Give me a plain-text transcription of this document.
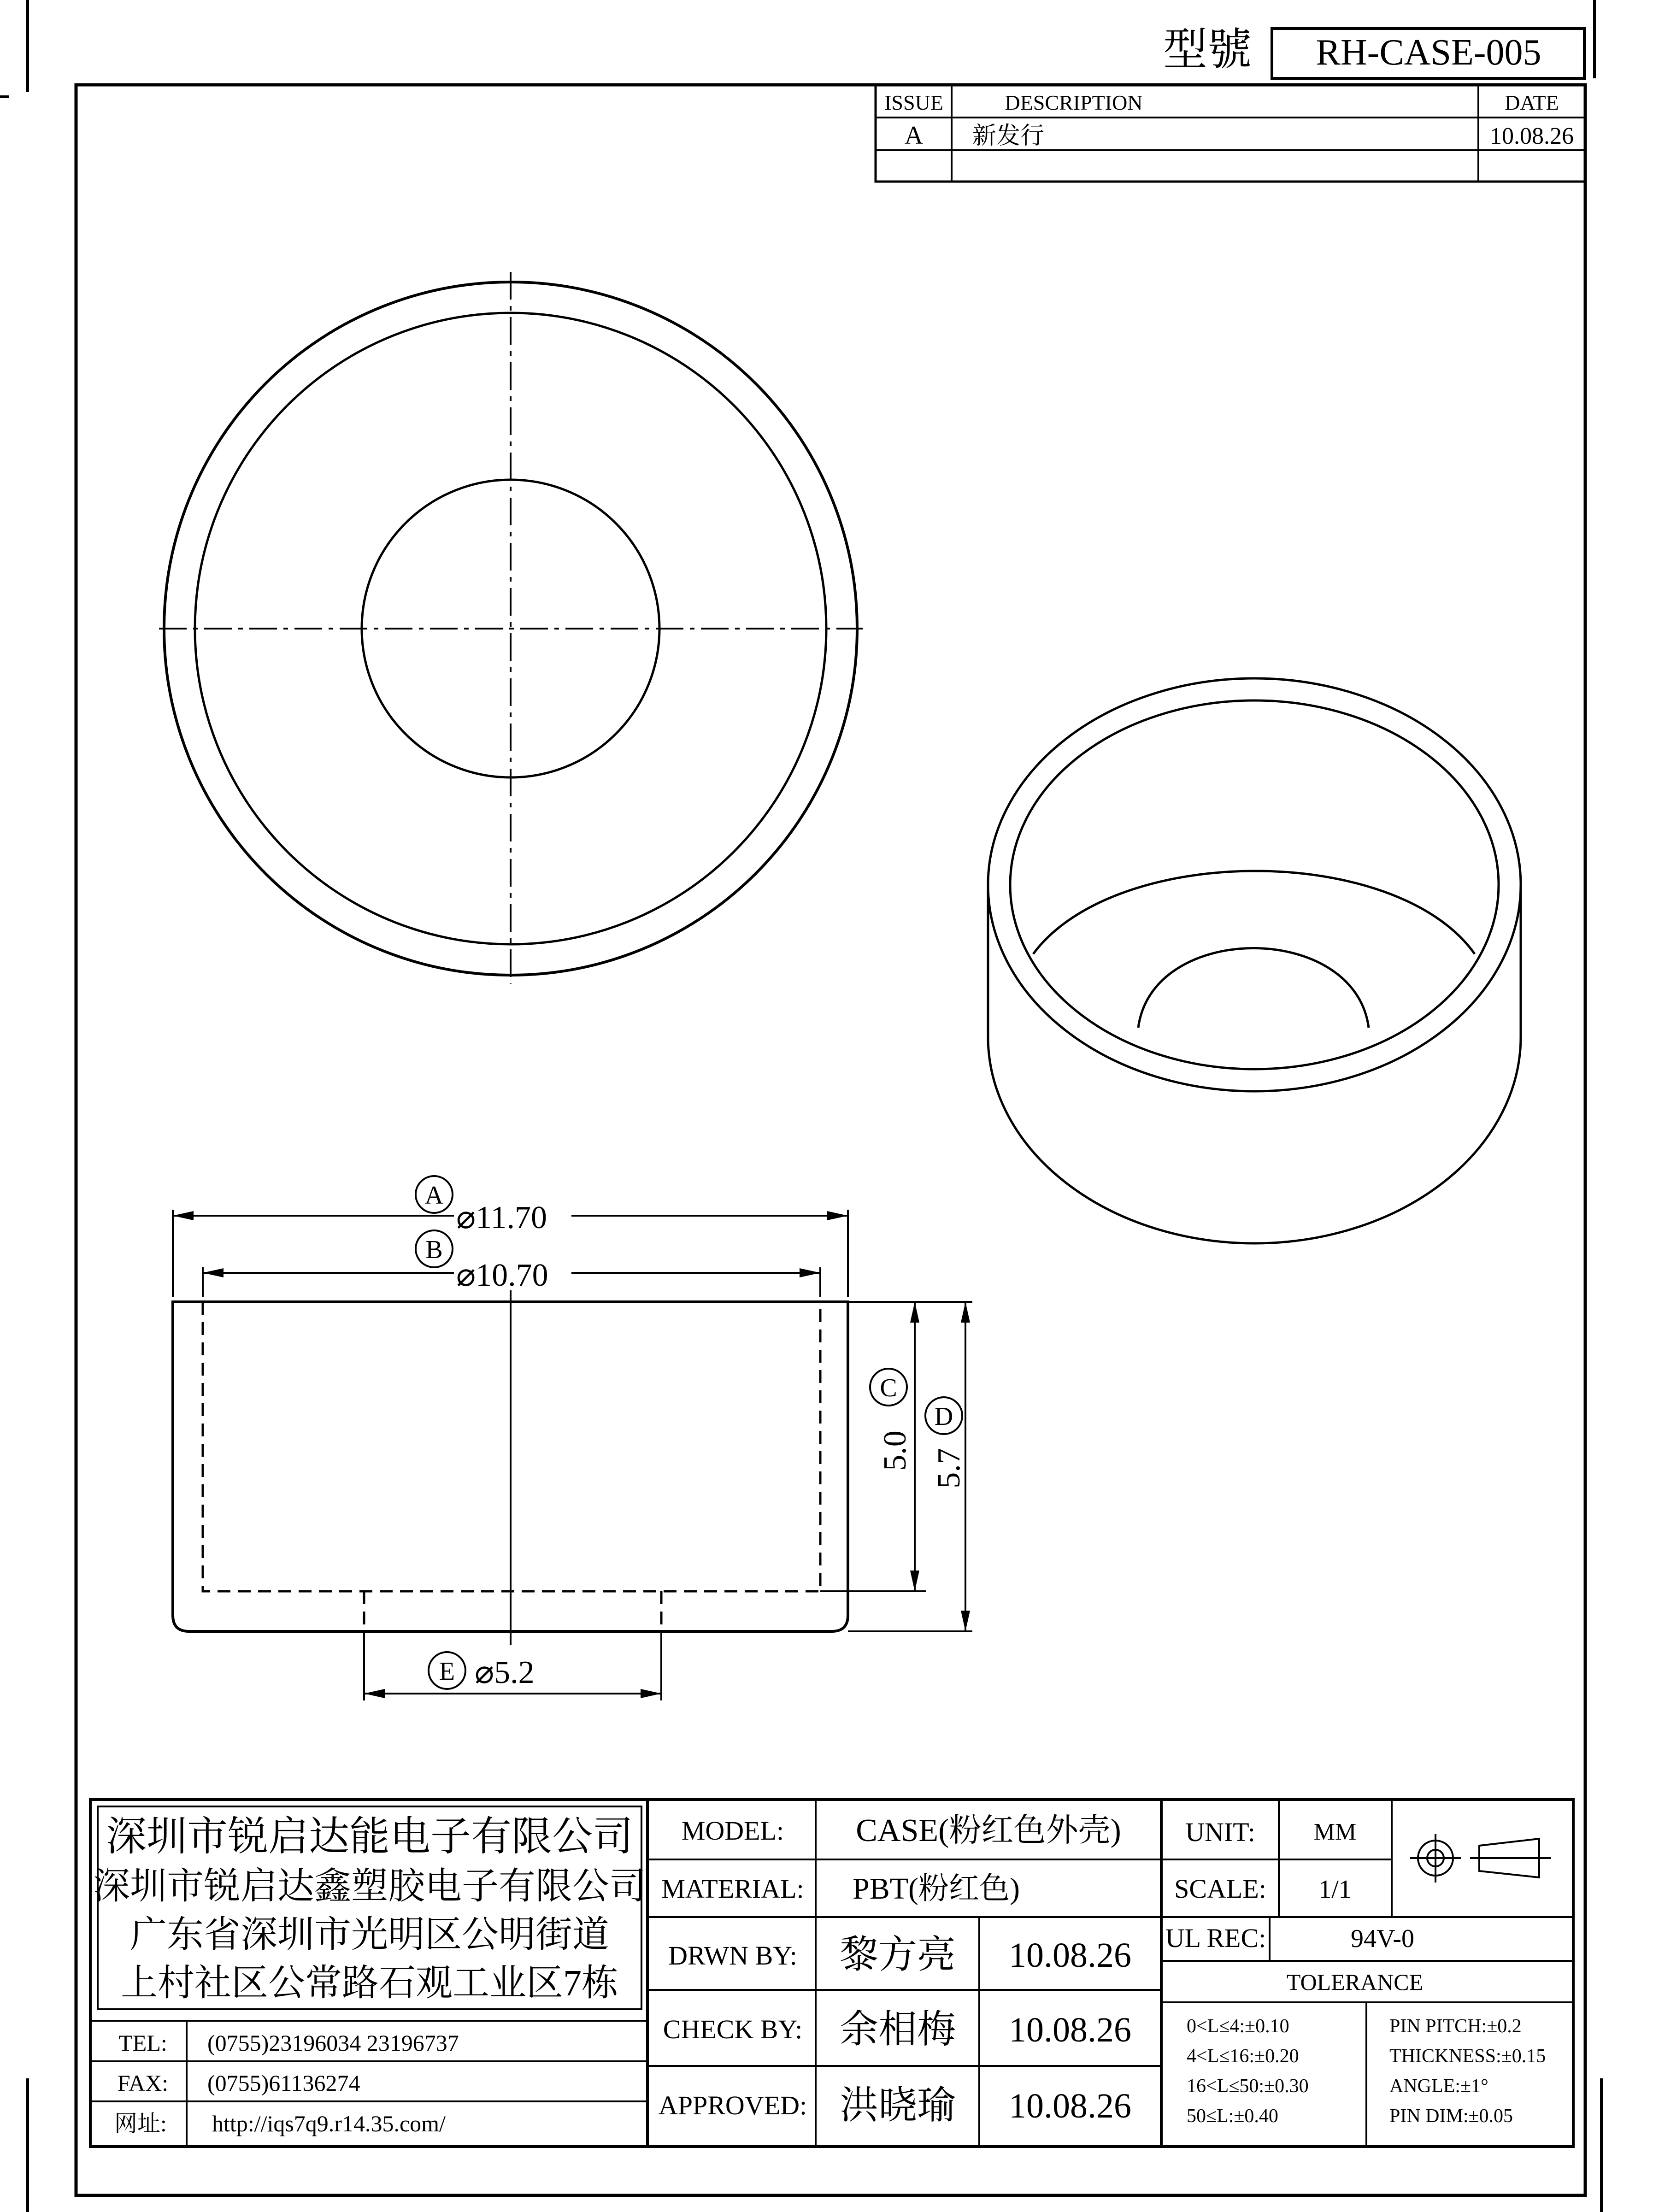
型號 RH-CASE-005
ISSUE	DESCRIPTION	DATE
A 新发行	10.08.26
A
⌀11.70
B
⌀10.70
C
5.0
D
5.7
E ⌀5.2
深圳市锐启达能电子有限公司
深圳市锐启达鑫塑胶电子有限公司
广东省深圳市光明区公明街道
上村社区公常路石观工业区7栋
TEL: (0755)23196034 23196737
FAX: (0755)61136274
网址: http://iqs7q9.r14.35.com/
MODEL: CASE(粉红色外壳)
MATERIAL: PBT(粉红色)
DRWN BY: 黎方亮 10.08.26
CHECK BY: 余相梅 10.08.26
APPROVED: 洪晓瑜 10.08.26
UNIT: MM
SCALE: 1/1
UL REC:	94V-0
TOLERANCE
0<L≤4:±0.10
4<L≤16:±0.20
16<L≤50:±0.30
50≤L:±0.40
PIN PITCH:±0.2
THICKNESS:±0.15
ANGLE:±1°
PIN DIM:±0.05
